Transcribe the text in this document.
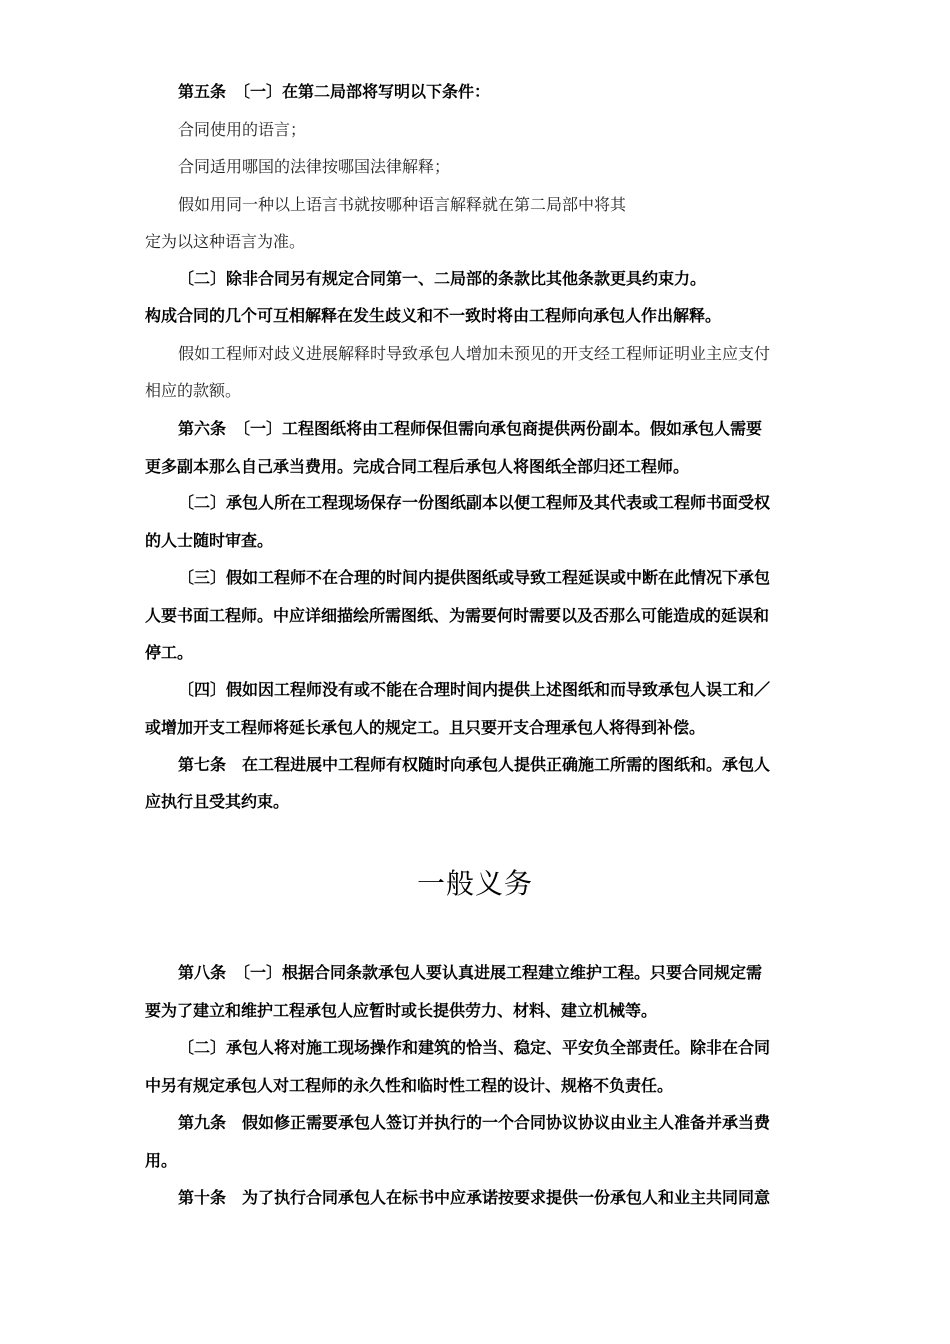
第五条　〔一〕在第二局部将写明以下条件：
合同使用的语言；
合同适用哪国的法律按哪国法律解释；
假如用同一种以上语言书就按哪种语言解释就在第二局部中将其
定为以这种语言为准。
〔二〕除非合同另有规定合同第一、二局部的条款比其他条款更具约束力。
构成合同的几个可互相解释在发生歧义和不一致时将由工程师向承包人作出解释。
假如工程师对歧义进展解释时导致承包人增加未预见的开支经工程师证明业主应支付
相应的款额。
第六条　〔一〕工程图纸将由工程师保但需向承包商提供两份副本。假如承包人需要
更多副本那么自己承当费用。完成合同工程后承包人将图纸全部归还工程师。
〔二〕承包人所在工程现场保存一份图纸副本以便工程师及其代表或工程师书面受权
的人士随时审查。
〔三〕假如工程师不在合理的时间内提供图纸或导致工程延误或中断在此情况下承包
人要书面工程师。中应详细描绘所需图纸、为需要何时需要以及否那么可能造成的延误和
停工。
〔四〕假如因工程师没有或不能在合理时间内提供上述图纸和而导致承包人误工和／
或增加开支工程师将延长承包人的规定工。且只要开支合理承包人将得到补偿。
第七条　在工程进展中工程师有权随时向承包人提供正确施工所需的图纸和。承包人
应执行且受其约束。
一般义务
第八条　〔一〕根据合同条款承包人要认真进展工程建立维护工程。只要合同规定需
要为了建立和维护工程承包人应暂时或长提供劳力、材料、建立机械等。
〔二〕承包人将对施工现场操作和建筑的恰当、稳定、平安负全部责任。除非在合同
中另有规定承包人对工程师的永久性和临时性工程的设计、规格不负责任。
第九条　假如修正需要承包人签订并执行的一个合同协议协议由业主人准备并承当费
用。
第十条　为了执行合同承包人在标书中应承诺按要求提供一份承包人和业主共同同意
